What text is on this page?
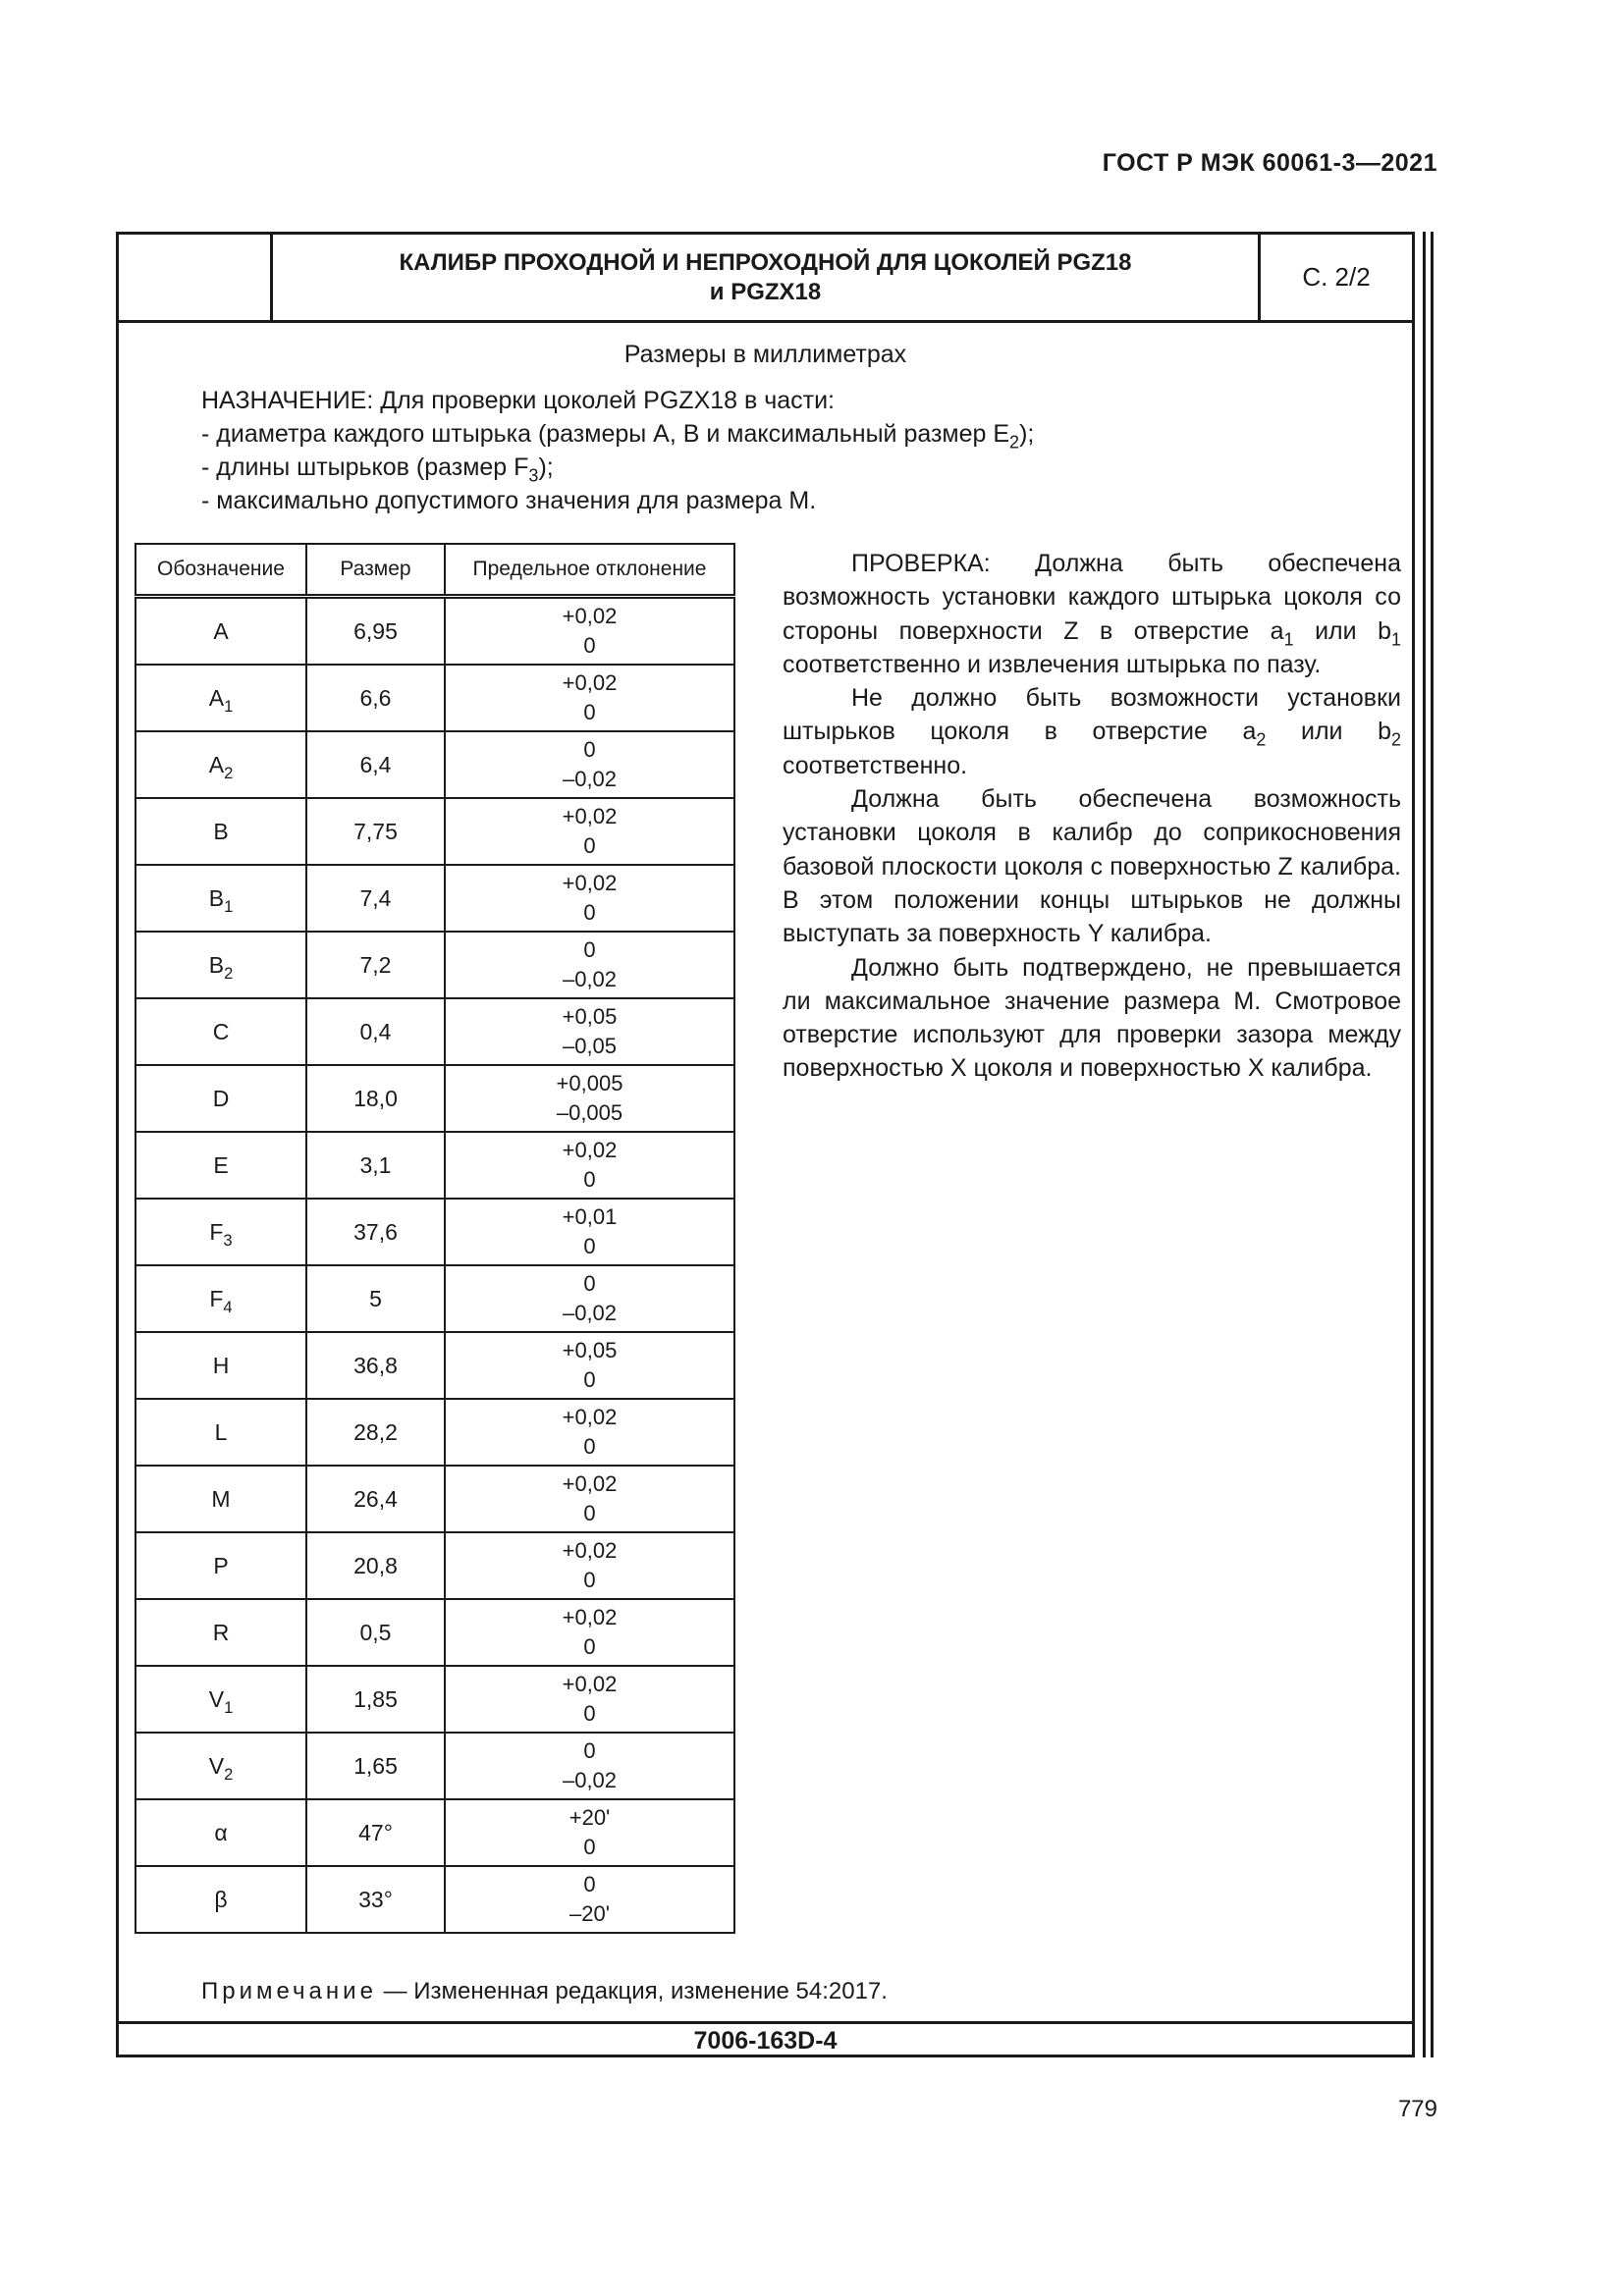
ГОСТ Р МЭК 60061-3—2021
КАЛИБР ПРОХОДНОЙ И НЕПРОХОДНОЙ ДЛЯ ЦОКОЛЕЙ PGZ18
и PGZX18	С. 2/2
Размеры в миллиметрах
НАЗНАЧЕНИЕ: Для проверки цоколей PGZX18 в части:
- диаметра каждого штырька (размеры A, B и максимальный размер $E_2$);
- длины штырьков (размер $F_3$);
- максимально допустимого значения для размера M.
Обозначение	Размер	Предельное отклонение
A	6,95	+0,02
0

$A_1$	6,6	+0,02
0

$A_2$	6,4	0
–0,02

B	7,75	+0,02
0

$B_1$	7,4	+0,02
0

$B_2$	7,2	0
–0,02

C	0,4	+0,05
–0,05

D	18,0	+0,005
–0,005

E	3,1	+0,02
0

$F_3$	37,6	+0,01
0

$F_4$	5	0
–0,02

H	36,8	+0,05
0

L	28,2	+0,02
0

M	26,4	+0,02
0

P	20,8	+0,02
0

R	0,5	+0,02
0

$V_1$	1,85	+0,02
0

$V_2$	1,65	0
–0,02

α	47°	+20'
0

β	33°	0
–20'

ПРОВЕРКА: Должна быть обеспечена возможность установки каждого штырька цоколя со стороны поверхности Z в отверстие $a_1$ или $b_1$ соответственно и извлечения штырька по пазу.

Не должно быть возможности установки штырьков цоколя в отверстие $a_2$ или $b_2$ соответственно.

Должна быть обеспечена возможность установки цоколя в калибр до соприкосновения базовой плоскости цоколя с поверхностью Z калибра. В этом положении концы штырьков не должны выступать за поверхность Y калибра.

Должно быть подтверждено, не превышается ли максимальное значение размера M. Смотровое отверстие используют для проверки зазора между поверхностью X цоколя и поверхностью X калибра.

Примечание — Измененная редакция, изменение 54:2017.
7006-163D-4
779
